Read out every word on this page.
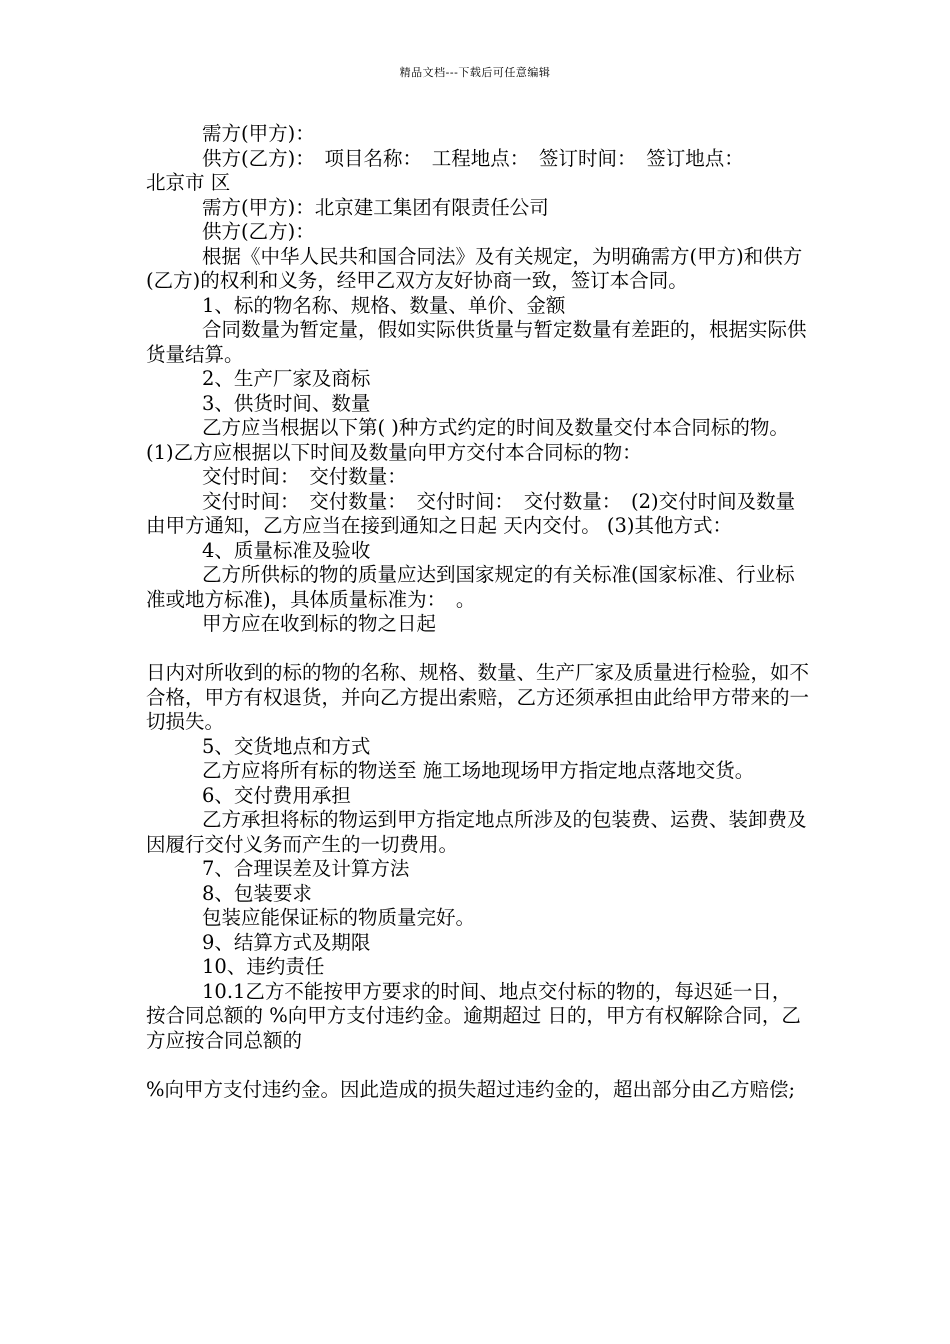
精品文档---下载后可任意编辑

需方(甲方)：

供方(乙方)：　项目名称：　工程地点：　签订时间：　签订地点：

北京市 区

需方(甲方)：北京建工集团有限责任公司

供方(乙方)：

根据《中华人民共和国合同法》及有关规定，为明确需方(甲方)和供方(乙方)的权利和义务，经甲乙双方友好协商一致，签订本合同。

1、标的物名称、规格、数量、单价、金额

合同数量为暂定量，假如实际供货量与暂定数量有差距的，根据实际供货量结算。

2、生产厂家及商标

3、供货时间、数量

乙方应当根据以下第( )种方式约定的时间及数量交付本合同标的物。 (1)乙方应根据以下时间及数量向甲方交付本合同标的物：

交付时间：　交付数量：

交付时间：　交付数量：　交付时间：　交付数量：　(2)交付时间及数量由甲方通知，乙方应当在接到通知之日起 天内交付。 (3)其他方式：

4、质量标准及验收

乙方所供标的物的质量应达到国家规定的有关标准(国家标准、行业标准或地方标准)，具体质量标准为：　。

甲方应在收到标的物之日起

日内对所收到的标的物的名称、规格、数量、生产厂家及质量进行检验，如不合格，甲方有权退货，并向乙方提出索赔，乙方还须承担由此给甲方带来的一切损失。

5、交货地点和方式

乙方应将所有标的物送至 施工场地现场甲方指定地点落地交货。

6、交付费用承担

乙方承担将标的物运到甲方指定地点所涉及的包装费、运费、装卸费及因履行交付义务而产生的一切费用。

7、合理误差及计算方法

8、包装要求

包装应能保证标的物质量完好。

9、结算方式及期限

10、违约责任

10.1乙方不能按甲方要求的时间、地点交付标的物的，每迟延一日，按合同总额的 %向甲方支付违约金。逾期超过 日的，甲方有权解除合同，乙方应按合同总额的

%向甲方支付违约金。因此造成的损失超过违约金的，超出部分由乙方赔偿;
